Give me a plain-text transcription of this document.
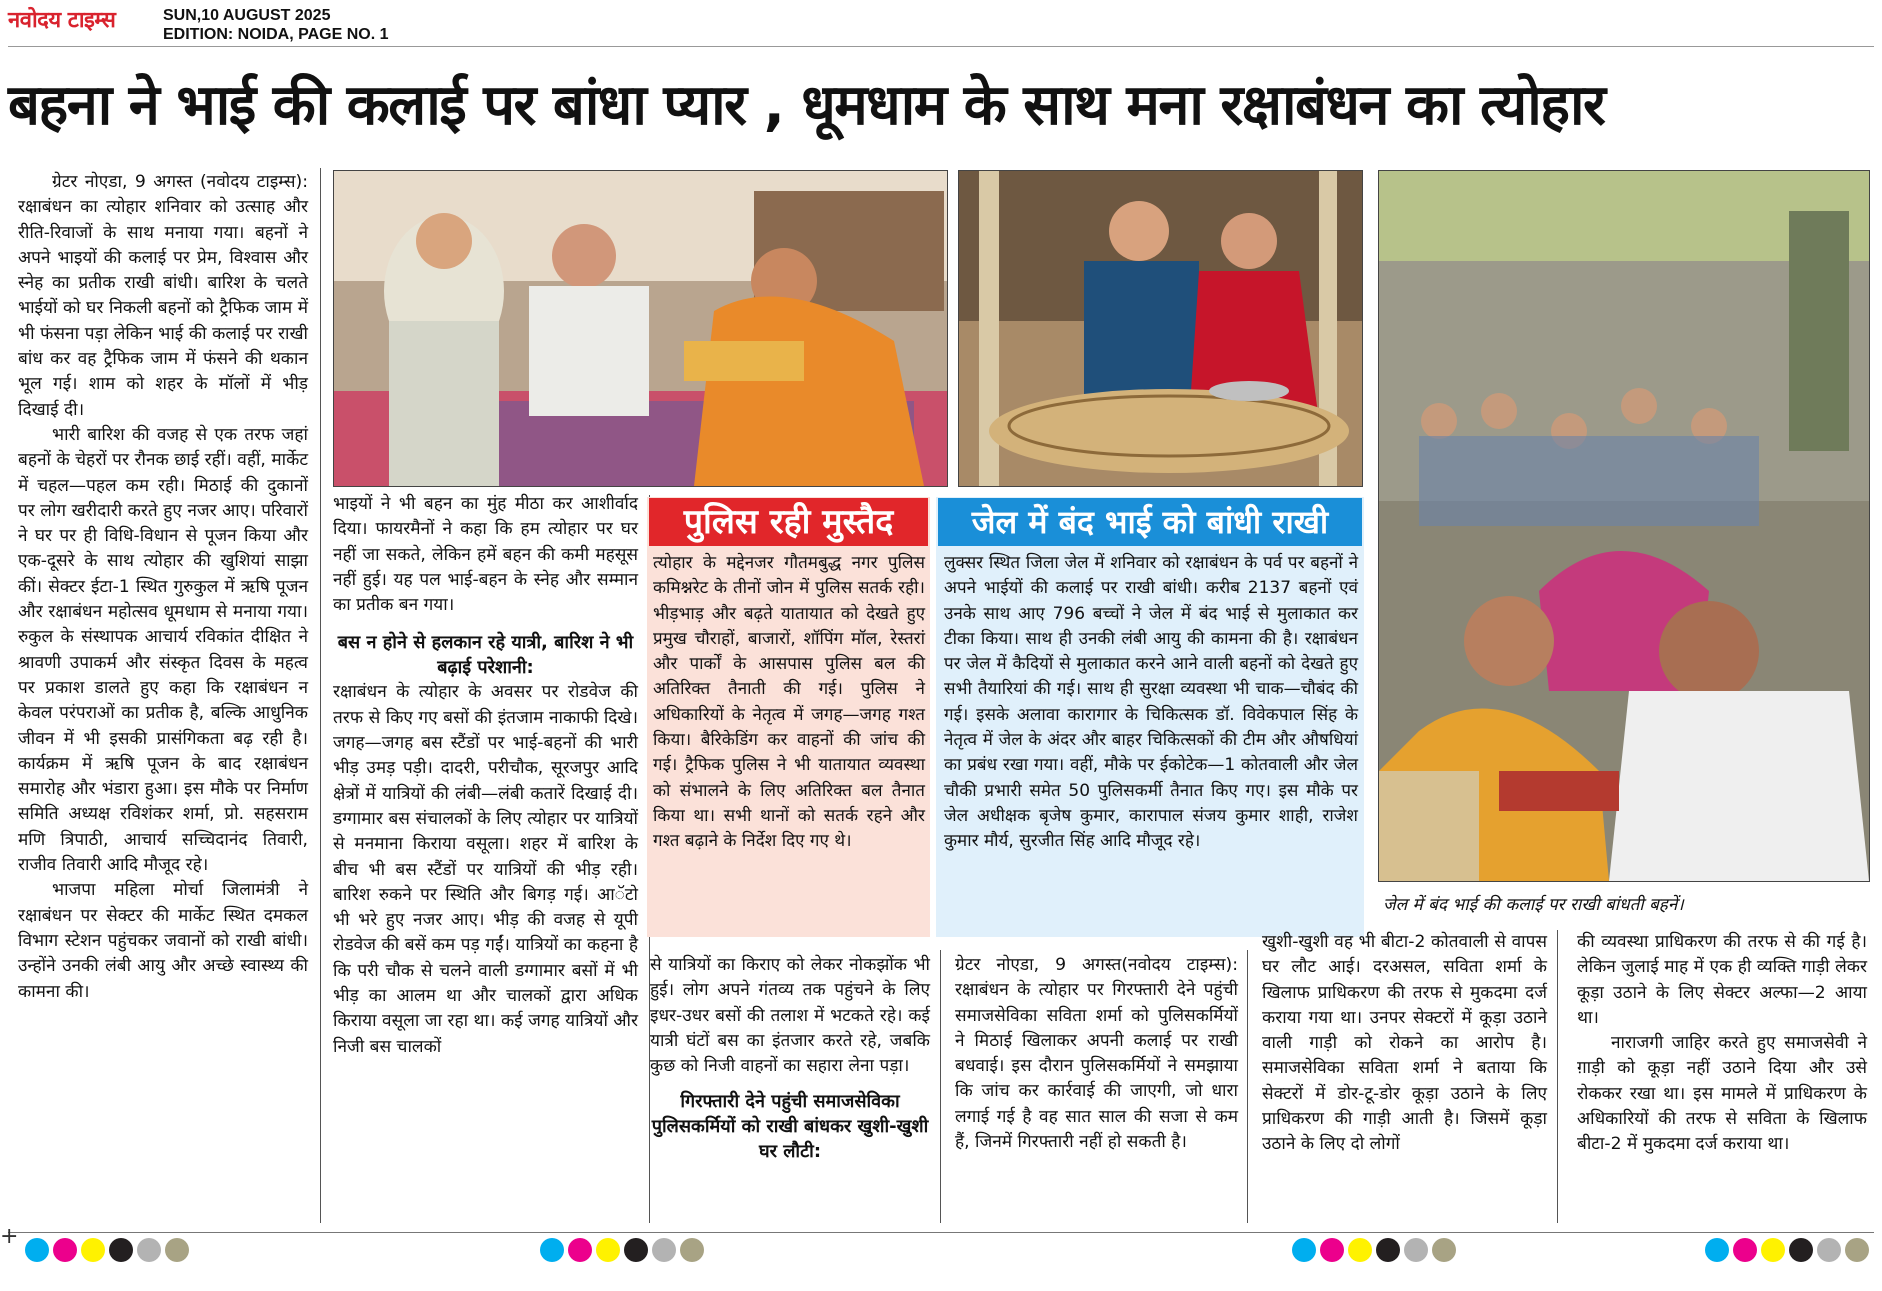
नवोदय टाइम्स	SUN,10 AUGUST 2025
EDITION: NOIDA, PAGE NO. 1
बहना ने भाई की कलाई पर बांधा प्यार , धूमधाम के साथ मना रक्षाबंधन का त्योहार

ग्रेटर नोएडा, 9 अगस्त (नवोदय टाइम्स): रक्षाबंधन का त्योहार शनिवार को उत्साह और रीति-रिवाजों के साथ मनाया गया। बहनों ने अपने भाइयों की कलाई पर प्रेम, विश्वास और स्नेह का प्रतीक राखी बांधी। बारिश के चलते भाईयों को घर निकली बहनों को ट्रैफिक जाम में भी फंसना पड़ा लेकिन भाई की कलाई पर राखी बांध कर वह ट्रैफिक जाम में फंसने की थकान भूल गई। शाम को शहर के मॉलों में भीड़ दिखाई दी।

भारी बारिश की वजह से एक तरफ जहां बहनों के चेहरों पर रौनक छाई रहीं। वहीं, मार्केट में चहल—पहल कम रही। मिठाई की दुकानों पर लोग खरीदारी करते हुए नजर आए। परिवारों ने घर पर ही विधि-विधान से पूजन किया और एक-दूसरे के साथ त्योहार की खुशियां साझा कीं। सेक्टर ईटा-1 स्थित गुरुकुल में ऋषि पूजन और रक्षाबंधन महोत्सव धूमधाम से मनाया गया। रुकुल के संस्थापक आचार्य रविकांत दीक्षित ने श्रावणी उपाकर्म और संस्कृत दिवस के महत्व पर प्रकाश डालते हुए कहा कि रक्षाबंधन न केवल परंपराओं का प्रतीक है, बल्कि आधुनिक जीवन में भी इसकी प्रासंगिकता बढ़ रही है। कार्यक्रम में ऋषि पूजन के बाद रक्षाबंधन समारोह और भंडारा हुआ। इस मौके पर निर्माण समिति अध्यक्ष रविशंकर शर्मा, प्रो. सहसराम मणि त्रिपाठी, आचार्य सच्चिदानंद तिवारी, राजीव तिवारी आदि मौजूद रहे।

भाजपा महिला मोर्चा जिलामंत्री ने रक्षाबंधन पर सेक्टर की मार्केट स्थित दमकल विभाग स्टेशन पहुंचकर जवानों को राखी बांधी। उन्होंने उनकी लंबी आयु और अच्छे स्वास्थ्य की कामना की।

जेल में बंद भाई की कलाई पर राखी बांधती बहनें।

भाइयों ने भी बहन का मुंह मीठा कर आशीर्वाद दिया। फायरमैनों ने कहा कि हम त्योहार पर घर नहीं जा सकते, लेकिन हमें बहन की कमी महसूस नहीं हुई। यह पल भाई-बहन के स्नेह और सम्मान का प्रतीक बन गया।

बस न होने से हलकान रहे यात्री, बारिश ने भी बढ़ाई परेशानी:

रक्षाबंधन के त्योहार के अवसर पर रोडवेज की तरफ से किए गए बसों की इंतजाम नाकाफी दिखे। जगह—जगह बस स्टैंडों पर भाई-बहनों की भारी भीड़ उमड़ पड़ी। दादरी, परीचौक, सूरजपुर आदि क्षेत्रों में यात्रियों की लंबी—लंबी कतारें दिखाई दी। डग्गामार बस संचालकों के लिए त्योहार पर यात्रियों से मनमाना किराया वसूला। शहर में बारिश के बीच भी बस स्टैंडों पर यात्रियों की भीड़ रही। बारिश रुकने पर स्थिति और बिगड़ गई। आॅटो भी भरे हुए नजर आए। भीड़ की वजह से यूपी रोडवेज की बसें कम पड़ गईं। यात्रियों का कहना है कि परी चौक से चलने वाली डग्गामार बसों में भी भीड़ का आलम था और चालकों द्वारा अधिक किराया वसूला जा रहा था। कई जगह यात्रियों और निजी बस चालकों

पुलिस रही मुस्तैद

त्योहार के मद्देनजर गौतमबुद्ध नगर पुलिस कमिश्नरेट के तीनों जोन में पुलिस सतर्क रही। भीड़भाड़ और बढ़ते यातायात को देखते हुए प्रमुख चौराहों, बाजारों, शॉपिंग मॉल, रेस्तरां और पार्कों के आसपास पुलिस बल की अतिरिक्त तैनाती की गई। पुलिस ने अधिकारियों के नेतृत्व में जगह—जगह गश्त किया। बैरिकेडिंग कर वाहनों की जांच की गई। ट्रैफिक पुलिस ने भी यातायात व्यवस्था को संभालने के लिए अतिरिक्त बल तैनात किया था। सभी थानों को सतर्क रहने और गश्त बढ़ाने के निर्देश दिए गए थे।

जेल में बंद भाई को बांधी राखी

लुक्सर स्थित जिला जेल में शनिवार को रक्षाबंधन के पर्व पर बहनों ने अपने भाईयों की कलाई पर राखी बांधी। करीब 2137 बहनों एवं उनके साथ आए 796 बच्चों ने जेल में बंद भाई से मुलाकात कर टीका किया। साथ ही उनकी लंबी आयु की कामना की है। रक्षाबंधन पर जेल में कैदियों से मुलाकात करने आने वाली बहनों को देखते हुए सभी तैयारियां की गई। साथ ही सुरक्षा व्यवस्था भी चाक—चौबंद की गई। इसके अलावा कारागार के चिकित्सक डॉ. विवेकपाल सिंह के नेतृत्व में जेल के अंदर और बाहर चिकित्सकों की टीम और औषधियां का प्रबंध रखा गया। वहीं, मौके पर ईकोटेक—1 कोतवाली और जेल चौकी प्रभारी समेत 50 पुलिसकर्मी तैनात किए गए। इस मौके पर जेल अधीक्षक बृजेष कुमार, कारापाल संजय कुमार शाही, राजेश कुमार मौर्य, सुरजीत सिंह आदि मौजूद रहे।

से यात्रियों का किराए को लेकर नोकझोंक भी हुई। लोग अपने गंतव्य तक पहुंचने के लिए इधर-उधर बसों की तलाश में भटकते रहे। कई यात्री घंटों बस का इंतजार करते रहे, जबकि कुछ को निजी वाहनों का सहारा लेना पड़ा।

गिरफ्तारी देने पहुंची समाजसेविका पुलिसकर्मियों को राखी बांधकर खुशी-खुशी घर लौटी:

ग्रेटर नोएडा, 9 अगस्त(नवोदय टाइम्स): रक्षाबंधन के त्योहार पर गिरफ्तारी देने पहुंची समाजसेविका सविता शर्मा को पुलिसकर्मियों ने मिठाई खिलाकर अपनी कलाई पर राखी बधवाई। इस दौरान पुलिसकर्मियों ने समझाया कि जांच कर कार्रवाई की जाएगी, जो धारा लगाई गई है वह सात साल की सजा से कम हैं, जिनमें गिरफ्तारी नहीं हो सकती है।

खुशी-खुशी वह भी बीटा-2 कोतवाली से वापस घर लौट आई। दरअसल, सविता शर्मा के खिलाफ प्राधिकरण की तरफ से मुकदमा दर्ज कराया गया था। उनपर सेक्टरों में कूड़ा उठाने वाली गाड़ी को रोकने का आरोप है। समाजसेविका सविता शर्मा ने बताया कि सेक्टरों में डोर-टू-डोर कूड़ा उठाने के लिए प्राधिकरण की गाड़ी आती है। जिसमें कूड़ा उठाने के लिए दो लोगों

की व्यवस्था प्राधिकरण की तरफ से की गई है। लेकिन जुलाई माह में एक ही व्यक्ति गाड़ी लेकर कूड़ा उठाने के लिए सेक्टर अल्फा—2 आया था।

नाराजगी जाहिर करते हुए समाजसेवी ने ग़ाड़ी को कूड़ा नहीं उठाने दिया और उसे रोककर रखा था। इस मामले में प्राधिकरण के अधिकारियों की तरफ से सविता के खिलाफ बीटा-2 में मुकदमा दर्ज कराया था।

+
